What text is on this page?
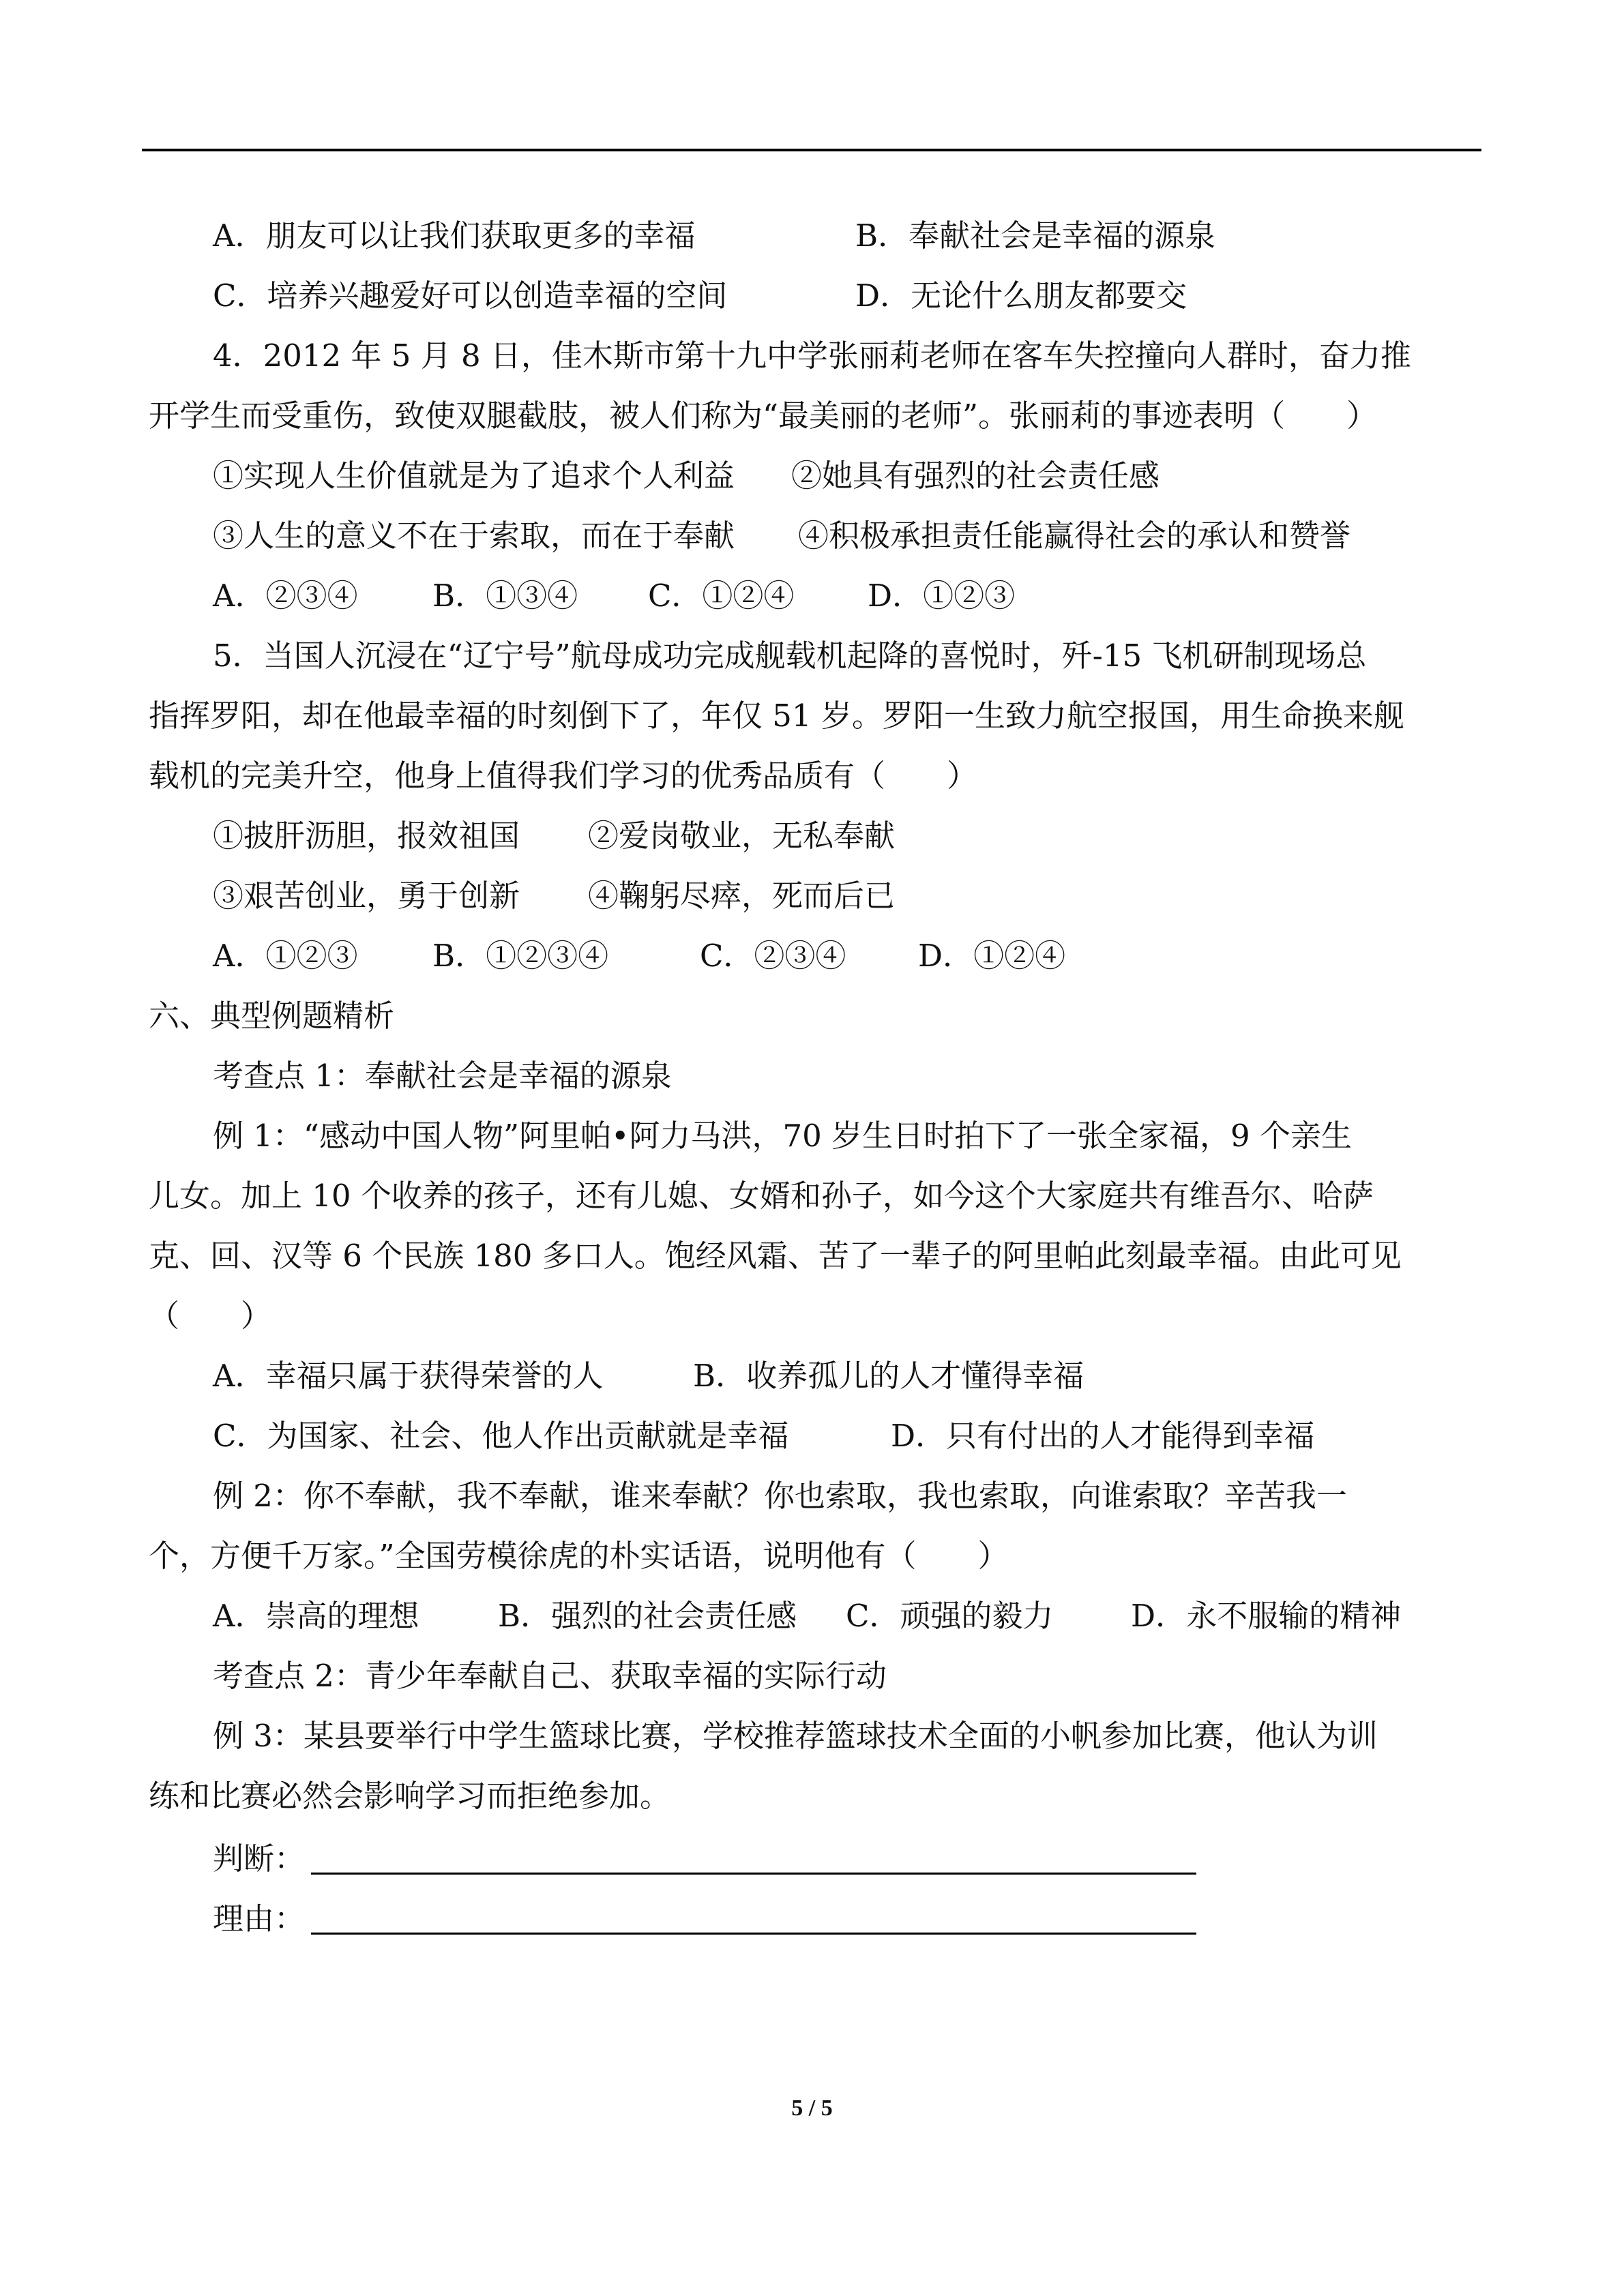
A．朋友可以让我们获取更多的幸福

	B．奉献社会是幸福的源泉

C．培养兴趣爱好可以创造幸福的空间

	D．无论什么朋友都要交

4．2012 年 5 月 8 日，佳木斯市第十九中学张丽莉老师在客车失控撞向人群时，奋力推

开学生而受重伤，致使双腿截肢，被人们称为“最美丽的老师”。张丽莉的事迹表明（　　）

①实现人生价值就是为了追求个人利益

②她具有强烈的社会责任感

③人生的意义不在于索取，而在于奉献

④积极承担责任能赢得社会的承认和赞誉

A．②③④

B．①③④

C．①②④

D．①②③

5．当国人沉浸在“辽宁号”航母成功完成舰载机起降的喜悦时，歼-15 飞机研制现场总

指挥罗阳，却在他最幸福的时刻倒下了，年仅 51 岁。罗阳一生致力航空报国，用生命换来舰

载机的完美升空，他身上值得我们学习的优秀品质有（　　）

①披肝沥胆，报效祖国

②爱岗敬业，无私奉献

③艰苦创业，勇于创新

④鞠躬尽瘁，死而后已

A．①②③

B．①②③④

	C．②③④

D．①②④

六、典型例题精析

考查点 1：奉献社会是幸福的源泉

例 1：“感动中国人物”阿里帕•阿力马洪，70 岁生日时拍下了一张全家福，9 个亲生

儿女。加上 10 个收养的孩子，还有儿媳、女婿和孙子，如今这个大家庭共有维吾尔、哈萨

克、回、汉等 6 个民族 180 多口人。饱经风霜、苦了一辈子的阿里帕此刻最幸福。由此可见

（　　）

A．幸福只属于获得荣誉的人

	B．收养孤儿的人才懂得幸福

C．为国家、社会、他人作出贡献就是幸福

	D．只有付出的人才能得到幸福

例 2：你不奉献，我不奉献，谁来奉献？你也索取，我也索取，向谁索取？辛苦我一

个，方便千万家。”全国劳模徐虎的朴实话语，说明他有（　　）

A．崇高的理想

	B．强烈的社会责任感

C．顽强的毅力

	D．永不服输的精神

考查点 2：青少年奉献自己、获取幸福的实际行动

例 3：某县要举行中学生篮球比赛，学校推荐篮球技术全面的小帆参加比赛，他认为训

练和比赛必然会影响学习而拒绝参加。

判断：

理由：

5 / 5
